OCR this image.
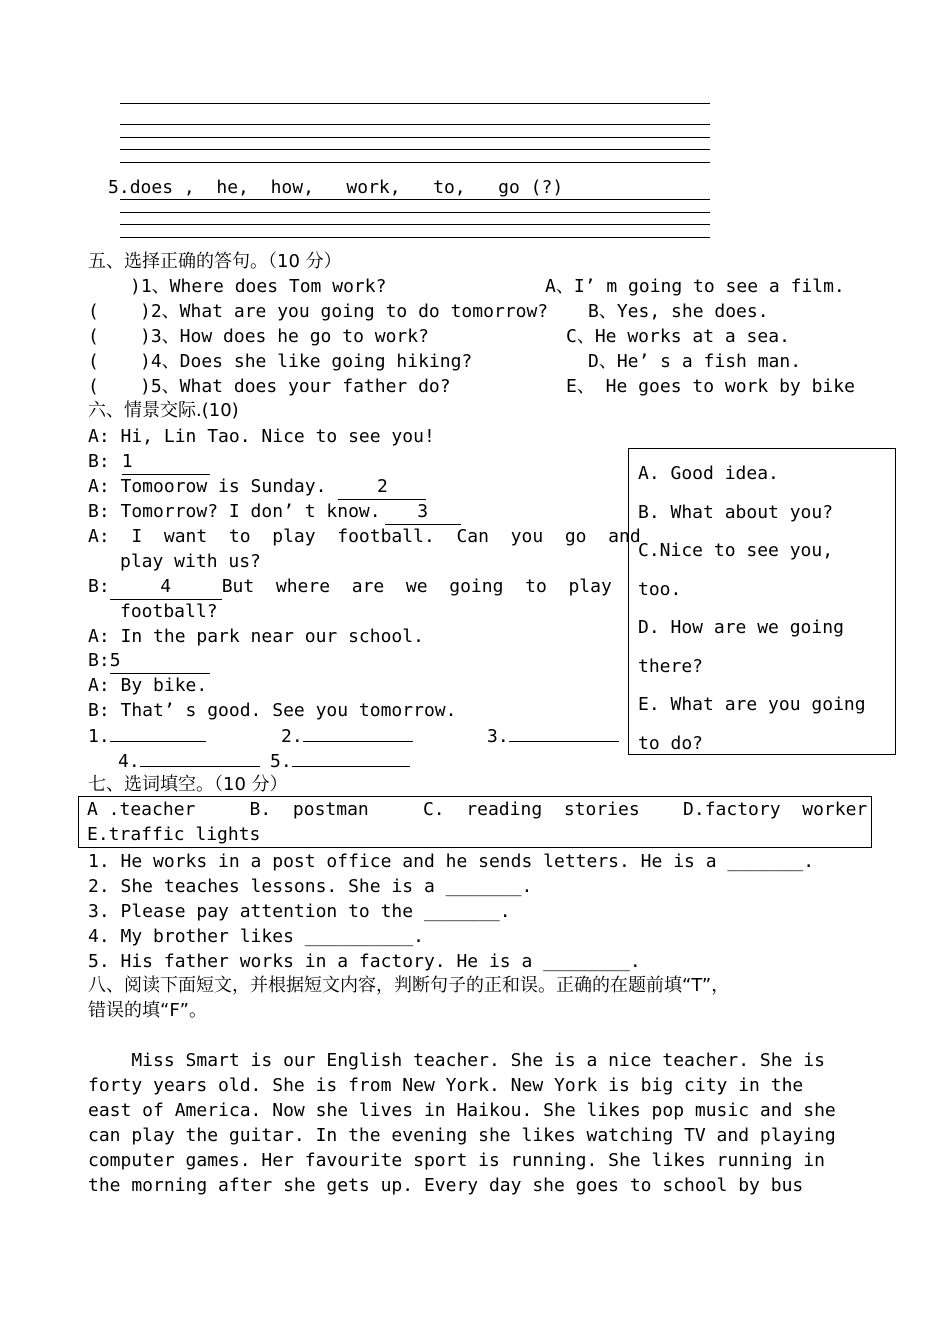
5.does ,  he,  how,   work,   to,   go (?)
五、选择正确的答句。（10 分）
)1、Where does Tom work?	A、I’ m going to see a film.
( )2、What are you going to do tomorrow? B、Yes, she does.
( )3、How does he go to work?	C、He works at a sea.
( )4、Does she like going hiking?	D、He’ s a fish man.
( )5、What does your father do?	E、 He goes to work by bike
六、情景交际.(10)
A: Hi, Lin Tao. Nice to see you!
B: 1
A: Tomoorow is Sunday.	2
B: Tomorrow? I don’ t know. 3
A:  I  want  to  play  football.  Can  you  go  and
play with us?
B:	4	But  where  are  we  going  to  play
football?
A: In the park near our school.
B:5
A: By bike.
B: That’ s good. See you tomorrow.
1.	2.	3.
4.	5.
A. Good idea.
B. What about you?
C.Nice to see you,
too.
D. How are we going
there?
E. What are you going
to do?
七、选词填空。（10 分）
A .teacher     B.  postman     C.  reading  stories    D.factory  worker
E.traffic lights
1. He works in a post office and he sends letters. He is a _______.
2. She teaches lessons. She is a _______.
3. Please pay attention to the _______.
4. My brother likes __________.
5. His father works in a factory. He is a ________.
八、阅读下面短文，并根据短文内容，判断句子的正和误。正确的在题前填“T”，
错误的填“F”。
Miss Smart is our English teacher. She is a nice teacher. She is
forty years old. She is from New York. New York is big city in the
east of America. Now she lives in Haikou. She likes pop music and she
can play the guitar. In the evening she likes watching TV and playing
computer games. Her favourite sport is running. She likes running in
the morning after she gets up. Every day she goes to school by bus
